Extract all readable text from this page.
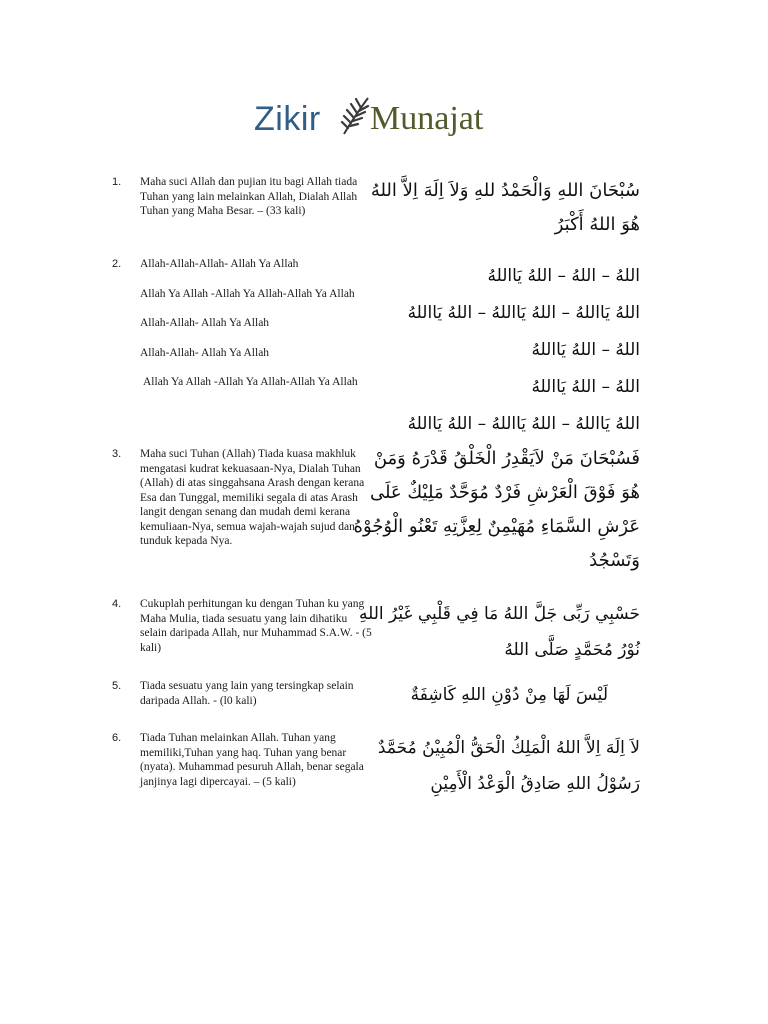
Zikir Munajat
1. Maha suci Allah dan pujian itu bagi Allah tiada Tuhan yang lain melainkan Allah, Dialah Allah Tuhan yang Maha Besar. – (33 kali)
سُبْحَانَ اللهِ وَالْحَمْدُ للهِ وَلاَ اِلَهَ اِلاَّ اللهُ
هُوَ اللهُ أَكْبَرُ
2. Allah-Allah-Allah- Allah Ya Allah

Allah Ya Allah -Allah Ya Allah-Allah Ya Allah

Allah-Allah- Allah Ya Allah

Allah-Allah- Allah Ya Allah

Allah Ya Allah -Allah Ya Allah-Allah Ya Allah

اللهُ – اللهُ – اللهُ يَااللهُ
اللهُ يَااللهُ – اللهُ يَااللهُ – اللهُ يَااللهُ
اللهُ – اللهُ يَااللهُ
اللهُ – اللهُ يَااللهُ
اللهُ يَااللهُ – اللهُ يَااللهُ – اللهُ يَااللهُ
3. Maha suci Tuhan (Allah) Tiada kuasa makhluk mengatasi kudrat kekuasaan-Nya, Dialah Tuhan (Allah) di atas singgahsana Arash dengan kerana Esa dan Tunggal, memiliki segala di atas Arash langit dengan senang dan mudah demi kerana kemuliaan-Nya, semua wajah-wajah sujud dan tunduk kepada Nya.
فَسُبْحَانَ مَنْ لاَيَقْدِرُ الْخَلْقُ قَدْرَهُ وَمَنْ
هُوَ فَوْقَ الْعَرْشِ فَرْدٌ مُوَحَّدٌ مَلِيْكٌ عَلَى
عَرْشِ السَّمَاءِ مُهَيْمِنٌ لِعِزَّتِهِ تَعْنُو الْوُجُوْهُ
وَتَسْجُدُ
4. Cukuplah perhitungan ku dengan Tuhan ku yang Maha Mulia, tiada sesuatu yang lain dihatiku selain daripada Allah, nur Muhammad S.A.W. - (5 kali)
حَسْبِي رَبِّى جَلَّ اللهُ مَا فِي قَلْبِي غَيْرُ اللهِ
نُوْرُ مُحَمَّدٍ صَلَّى اللهُ
5. Tiada sesuatu yang lain yang tersingkap selain daripada Allah. - (l0 kali)	لَيْسَ لَهَا مِنْ دُوْنِ اللهِ كَاشِفَةٌ
6. Tiada Tuhan melainkan Allah. Tuhan yang memiliki,Tuhan yang haq. Tuhan yang benar (nyata). Muhammad pesuruh Allah, benar segala janjinya lagi dipercayai. – (5 kali)
لاَ اِلَهَ اِلاَّ اللهُ الْمَلِكُ الْحَقُّ الْمُبِيْنُ مُحَمَّدٌ
رَسُوْلُ اللهِ صَادِقُ الْوَعْدُ الْأَمِيْنِ
